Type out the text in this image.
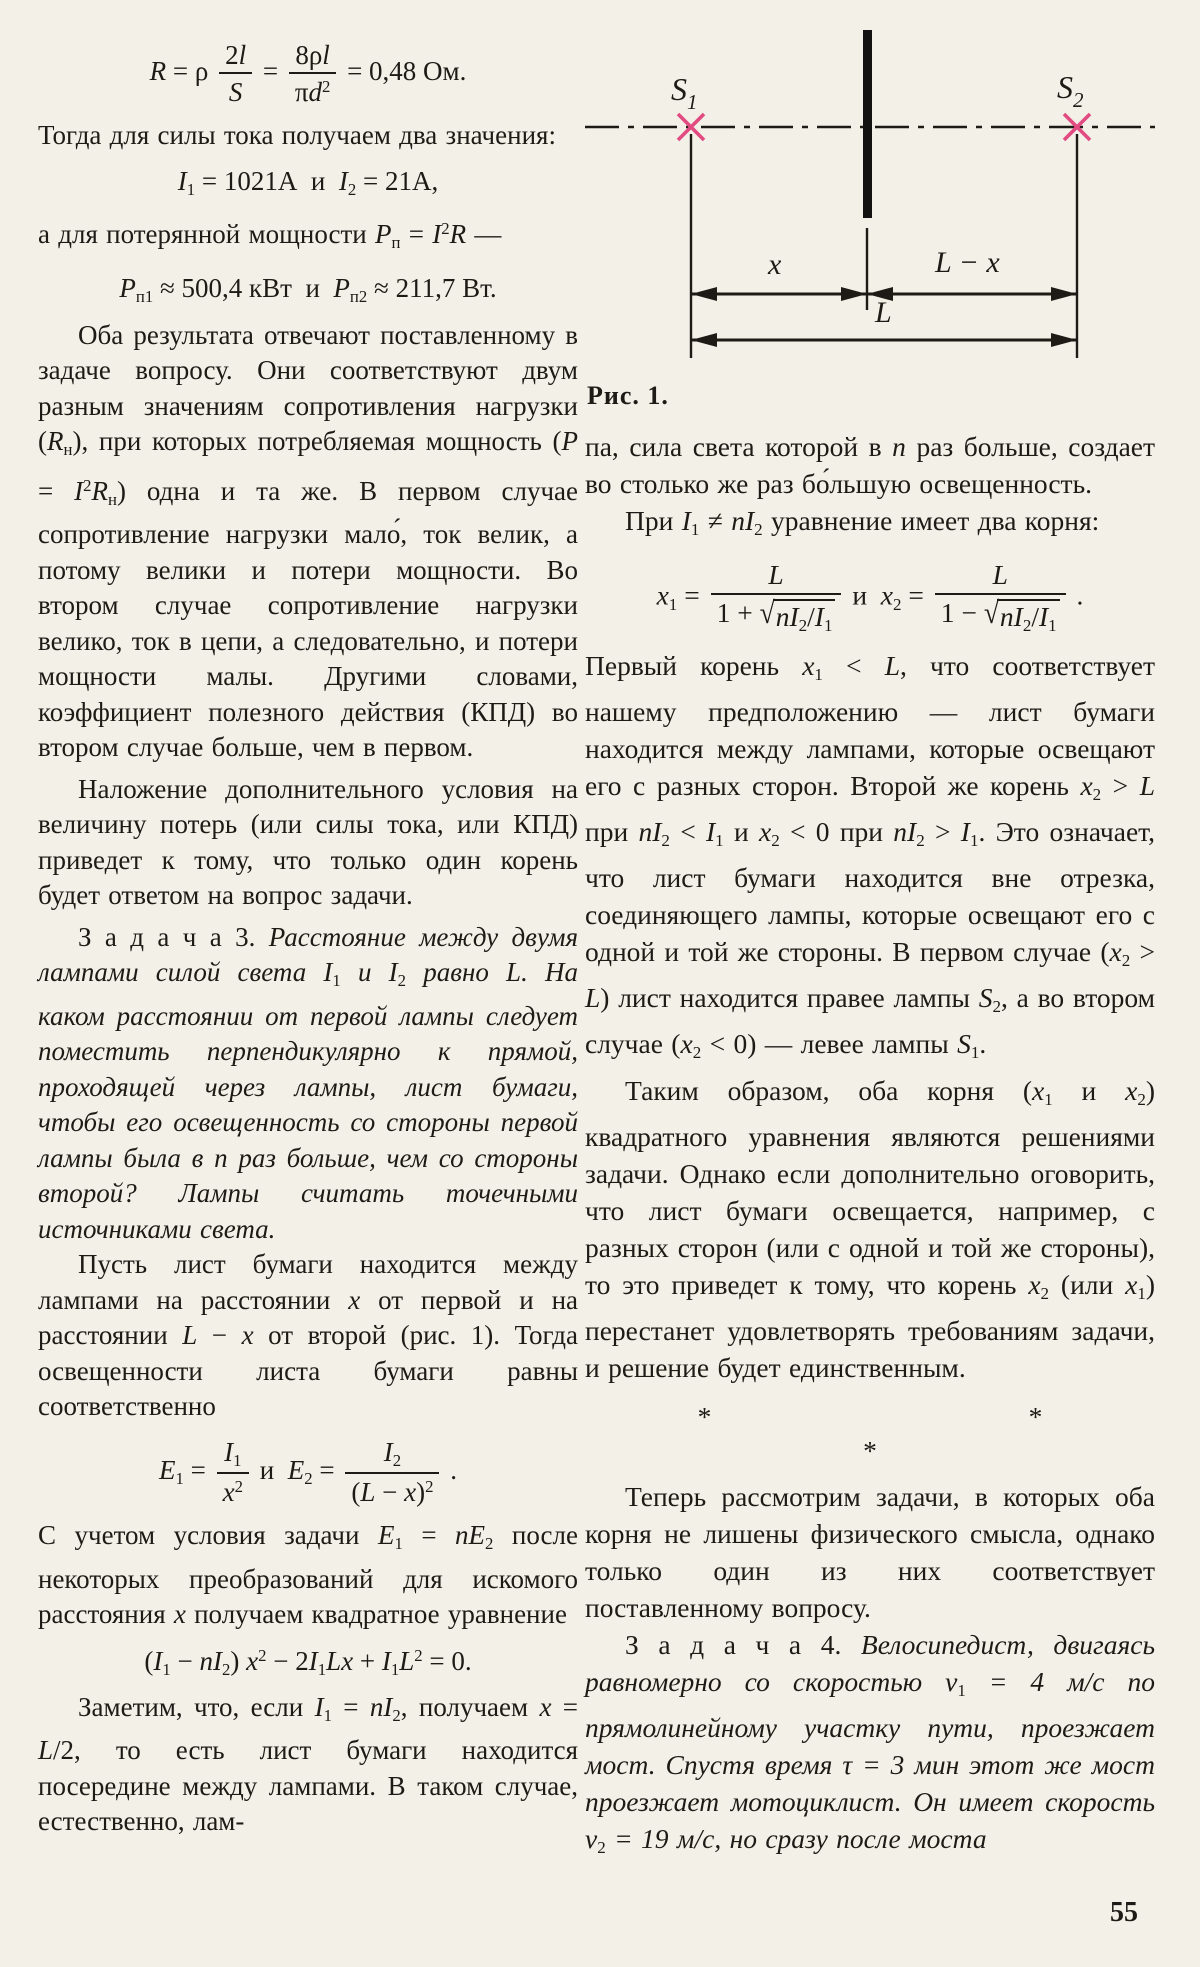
R = ρ $\frac{2l}{S} = \frac{8\rho l}{\pi d^2} = 0,48$ Ом.

Тогда для силы тока получаем два значения:

I1 = 1021А  и  I2 = 21А,

а для потерянной мощности Pп = $I^2R$ —

Pп1 ≈ 500,4 кВт  и  Pп2 ≈ 211,7 Вт.

Оба результата отвечают поставленному в задаче вопросу. Они соответствуют двум разным значениям сопротивления нагрузки (Rн), при которых потребляемая мощность $(P = I^2Rн)$ одна и та же. В первом случае сопротивление нагрузки мало́, ток велик, а потому велики и потери мощности. Во втором случае сопротивление нагрузки велико, ток в цепи, а следовательно, и потери мощности малы. Другими словами, коэффициент полезного действия (КПД) во втором случае больше, чем в первом.

Наложение дополнительного условия на величину потерь (или силы тока, или КПД) приведет к тому, что только один корень будет ответом на вопрос задачи.

З а д а ч а 3. Расстояние между двумя лампами силой света I1 и I2 равно L. На каком расстоянии от первой лампы следует поместить перпендикулярно к прямой, проходящей через лампы, лист бумаги, чтобы его освещенность со стороны первой лампы была в n раз больше, чем со стороны второй? Лампы считать точечными источниками света.

Пусть лист бумаги находится между лампами на расстоянии x от первой и на расстоянии L − x от второй (рис. 1). Тогда освещенности листа бумаги равны соответственно

$E1 = \frac{I1}{x^2}$ и  $E2 = \frac{I2}{(L - x)^2}$ .

С учетом условия задачи E1 = nE2 после некоторых преобразований для искомого расстояния x получаем квадратное уравнение

(I1 − nI2) $x^2 - 2I1Lx + I1L^2 = 0$.

Заметим, что, если I1 = nI2, получаем x = L/2, то есть лист бумаги находится посередине между лампами. В таком случае, естественно, лам-

$S_1$	$S_2$
x	L − x
L
Рис. 1.

па, сила света которой в n раз больше, создает во столько же раз бо́льшую освещенность.

При I1 ≠ nI2 уравнение имеет два корня:

$x1 = \frac{L}{1 + √ nI2/I1}$ и  $x2 = \frac{L}{1 - √ nI2/I1}$ .

Первый корень x1 < L, что соответствует нашему предположению — лист бумаги находится между лампами, которые освещают его с разных сторон. Второй же корень x2 > L при nI2 < I1 и x2 < 0 при nI2 > I1. Это означает, что лист бумаги находится вне отрезка, соединяющего лампы, которые освещают его с одной и той же стороны. В первом случае (x2 > L) лист находится правее лампы S2, а во втором случае (x2 < 0) — левее лампы S1.

Таким образом, оба корня (x1 и x2) квадратного уравнения являются решениями задачи. Однако если дополнительно оговорить, что лист бумаги освещается, например, с разных сторон (или с одной и той же стороны), то это приведет к тому, что корень x2 (или x1) перестанет удовлетворять требованиям задачи, и решение будет единственным.

*      *
*

Теперь рассмотрим задачи, в которых оба корня не лишены физического смысла, однако только один из них соответствует поставленному вопросу.

З а д а ч а 4. Велосипедист, двигаясь равномерно со скоростью v1 = 4 м/с по прямолинейному участку пути, проезжает мост. Спустя время τ = 3 мин этот же мост проезжает мотоциклист. Он имеет скорость v2 = 19 м/с, но сразу после моста

55
